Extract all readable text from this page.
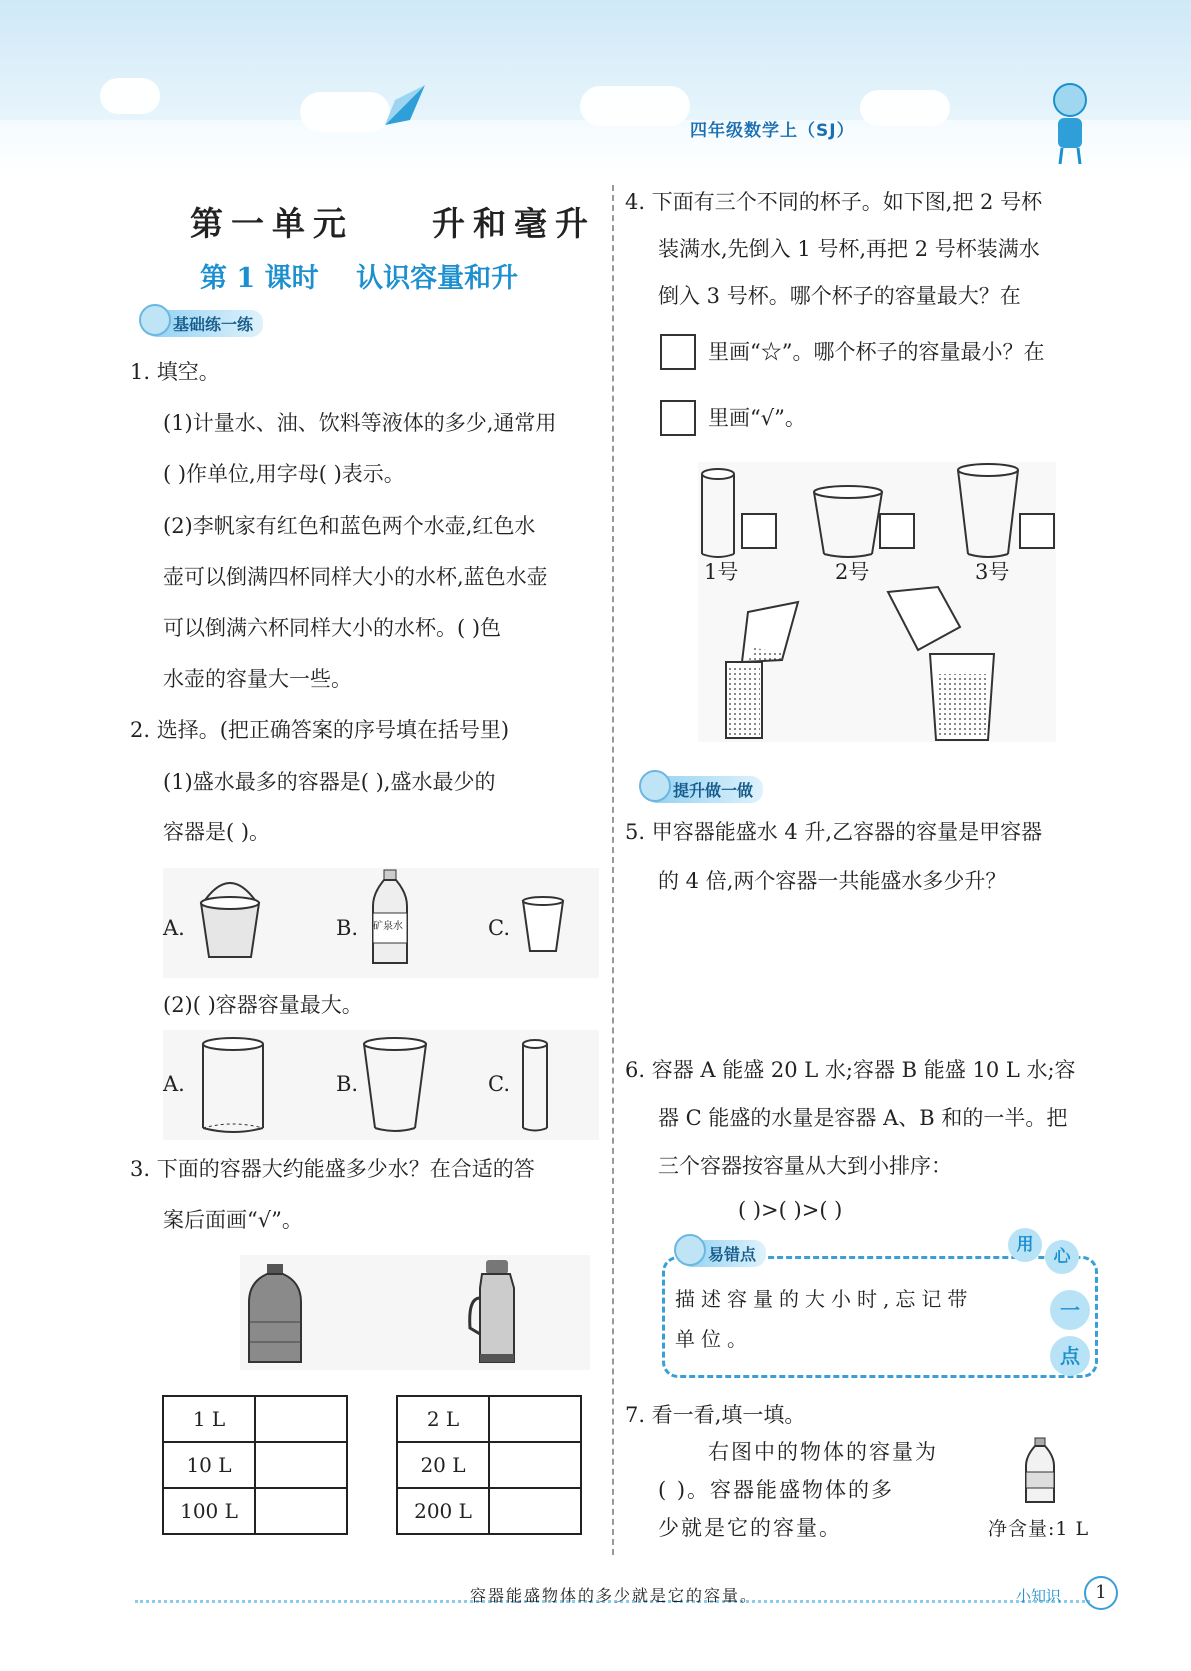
四年级数学上（SJ）
第一单元    升和毫升
第 1 课时    认识容量和升
基础练一练
1. 填空。
(1)计量水、油、饮料等液体的多少,通常用
( )作单位,用字母( )表示。
(2)李帆家有红色和蓝色两个水壶,红色水
壶可以倒满四杯同样大小的水杯,蓝色水壶
可以倒满六杯同样大小的水杯。( )色
水壶的容量大一些。
2. 选择。(把正确答案的序号填在括号里)
(1)盛水最多的容器是( ),盛水最少的
容器是( )。
A.	B. 矿泉水	C.
(2)( )容器容量最大。
A.	B.	C.
3. 下面的容器大约能盛多少水？在合适的答
案后面画“√”。
1 L	
10 L	
100 L	
2 L	
20 L	
200 L	
4. 下面有三个不同的杯子。如下图,把 2 号杯
装满水,先倒入 1 号杯,再把 2 号杯装满水
倒入 3 号杯。哪个杯子的容量最大？在
里画“☆”。哪个杯子的容量最小？在
里画“√”。
1号	2号	3号
提升做一做
5. 甲容器能盛水 4 升,乙容器的容量是甲容器
的 4 倍,两个容器一共能盛水多少升？
6. 容器 A 能盛 20 L 水;容器 B 能盛 10 L 水;容
器 C 能盛的水量是容器 A、B 和的一半。把
三个容器按容量从大到小排序：
( )>( )>( )
易错点
描述容量的大小时,忘记带
单位。
用
心
一
点
7. 看一看,填一填。
右图中的物体的容量为
( )。容器能盛物体的多
少就是它的容量。	净含量:1 L
容器能盛物体的多少就是它的容量。	小知识	1
